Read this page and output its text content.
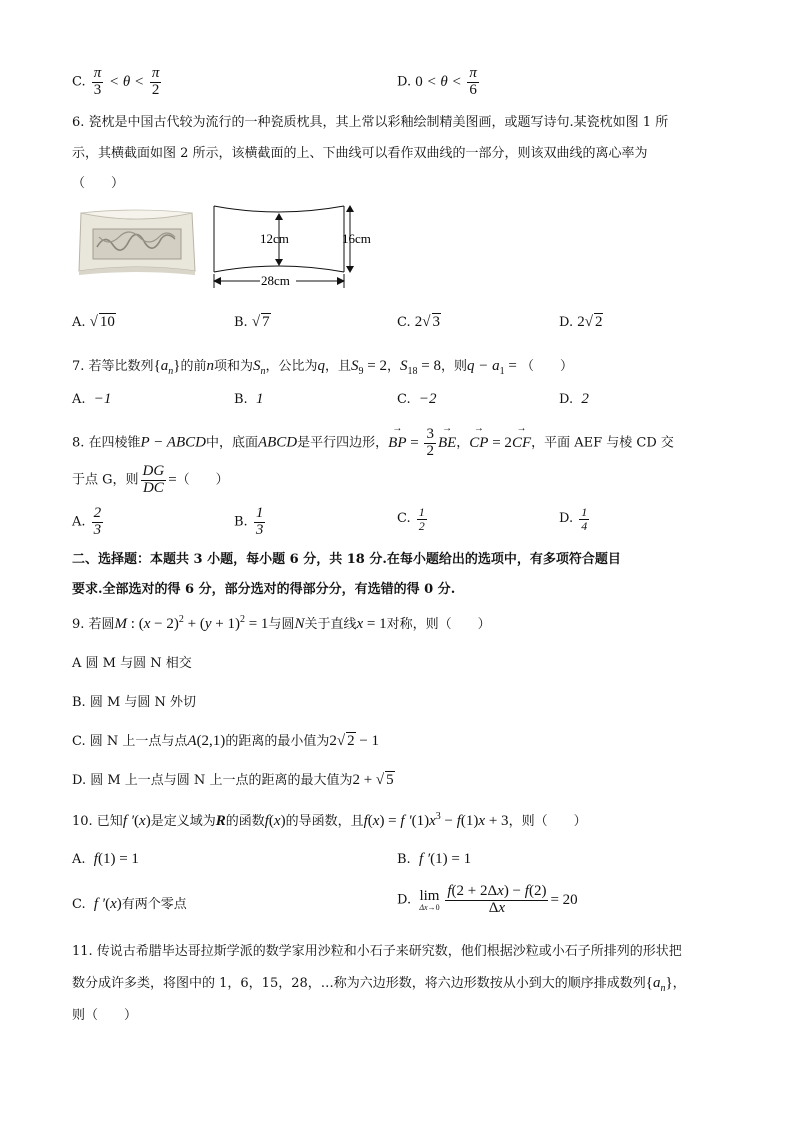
C. $\frac{\pi}{3} < \theta < \frac{\pi}{2}$	D. $0 < \theta < \frac{\pi}{6}$
6. 瓷枕是中国古代较为流行的一种瓷质枕具，其上常以彩釉绘制精美图画，或题写诗句.某瓷枕如图 1 所
示，其横截面如图 2 所示，该横截面的上、下曲线可以看作双曲线的一部分，则该双曲线的离心率为
（　　）
12cm	16cm
28cm
A. √ 10	B. √ 7	C. 2√ 3	D. 2√ 2
7. 若等比数列$\{a_n\}$的前n项和为$S_n$，公比为q，且$S_9 = 2$，$S_{18} = 8$，则$q - a_1$ = （　　）
A. −1	B. 1	C. −2	D. 2
8. 在四棱锥P − ABCD中，底面ABCD是平行四边形，→ BP = $\frac{3}{2}$
→ BE，→ CP = 2→ CF，平面 AEF 与棱 CD 交
于点 G，则 $\frac{DG}{DC}$ =（　　）
A. $\frac{2}{3}$	B. $\frac{1}{3}$	C. $\frac{1}{2}$	D. $\frac{1}{4}$
二、选择题：本题共 3 小题，每小题 6 分，共 18 分.在每小题给出的选项中，有多项符合题目
要求.全部选对的得 6 分，部分选对的得部分分，有选错的得 0 分.
9. 若圆M : $(x - 2)^2 + (y + 1)^2 = 1$与圆N关于直线x = 1对称，则（　　）
A 圆 M 与圆 N 相交
B. 圆 M 与圆 N 外切
C. 圆 N 上一点与点A(2,1)的距离的最小值为2√ 2 − 1
D. 圆 M 上一点与圆 N 上一点的距离的最大值为2 + √ 5
10. 已知f ′(x)是定义域为R的函数f(x)的导函数，且f(x) = f $'(1)x^3 - f(1)x + 3$，则（　　）
A. f(1) = 1	B. f ′(1) = 1
C. f ′(x)有两个零点	D. lim
Δx→0
$\frac{f(2 + 2\Delta x) - f(2)}{\Delta x} = 20$
11. 传说古希腊毕达哥拉斯学派的数学家用沙粒和小石子来研究数，他们根据沙粒或小石子所排列的形状把
数分成许多类，将图中的 1，6，15，28，…称为六边形数，将六边形数按从小到大的顺序排成数列$\{a_n\}$，
则（　　）
